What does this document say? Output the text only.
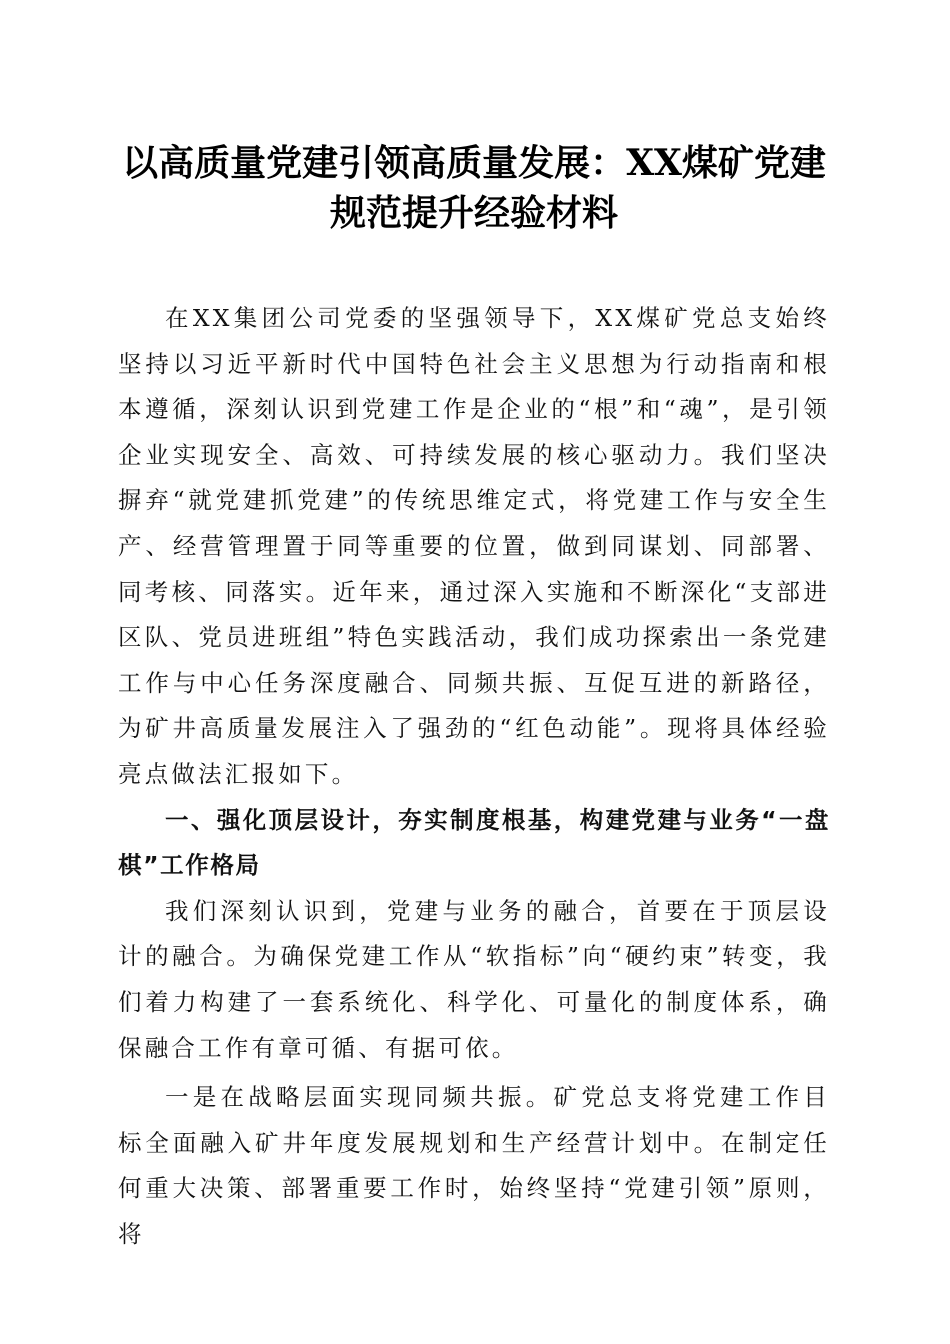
以高质量党建引领高质量发展：XX煤矿党建
规范提升经验材料

在XX集团公司党委的坚强领导下，XX煤矿党总支始终坚持以习近平新时代中国特色社会主义思想为行动指南和根本遵循，深刻认识到党建工作是企业的“根”和“魂”，是引领企业实现安全、高效、可持续发展的核心驱动力。我们坚决摒弃“就党建抓党建”的传统思维定式，将党建工作与安全生产、经营管理置于同等重要的位置，做到同谋划、同部署、同考核、同落实。近年来，通过深入实施和不断深化“支部进区队、党员进班组”特色实践活动，我们成功探索出一条党建工作与中心任务深度融合、同频共振、互促互进的新路径，为矿井高质量发展注入了强劲的“红色动能”。现将具体经验亮点做法汇报如下。

一、强化顶层设计，夯实制度根基，构建党建与业务“一盘棋”工作格局

我们深刻认识到，党建与业务的融合，首要在于顶层设计的融合。为确保党建工作从“软指标”向“硬约束”转变，我们着力构建了一套系统化、科学化、可量化的制度体系，确保融合工作有章可循、有据可依。

一是在战略层面实现同频共振。矿党总支将党建工作目标全面融入矿井年度发展规划和生产经营计划中。在制定任何重大决策、部署重要工作时，始终坚持“党建引领”原则，将
